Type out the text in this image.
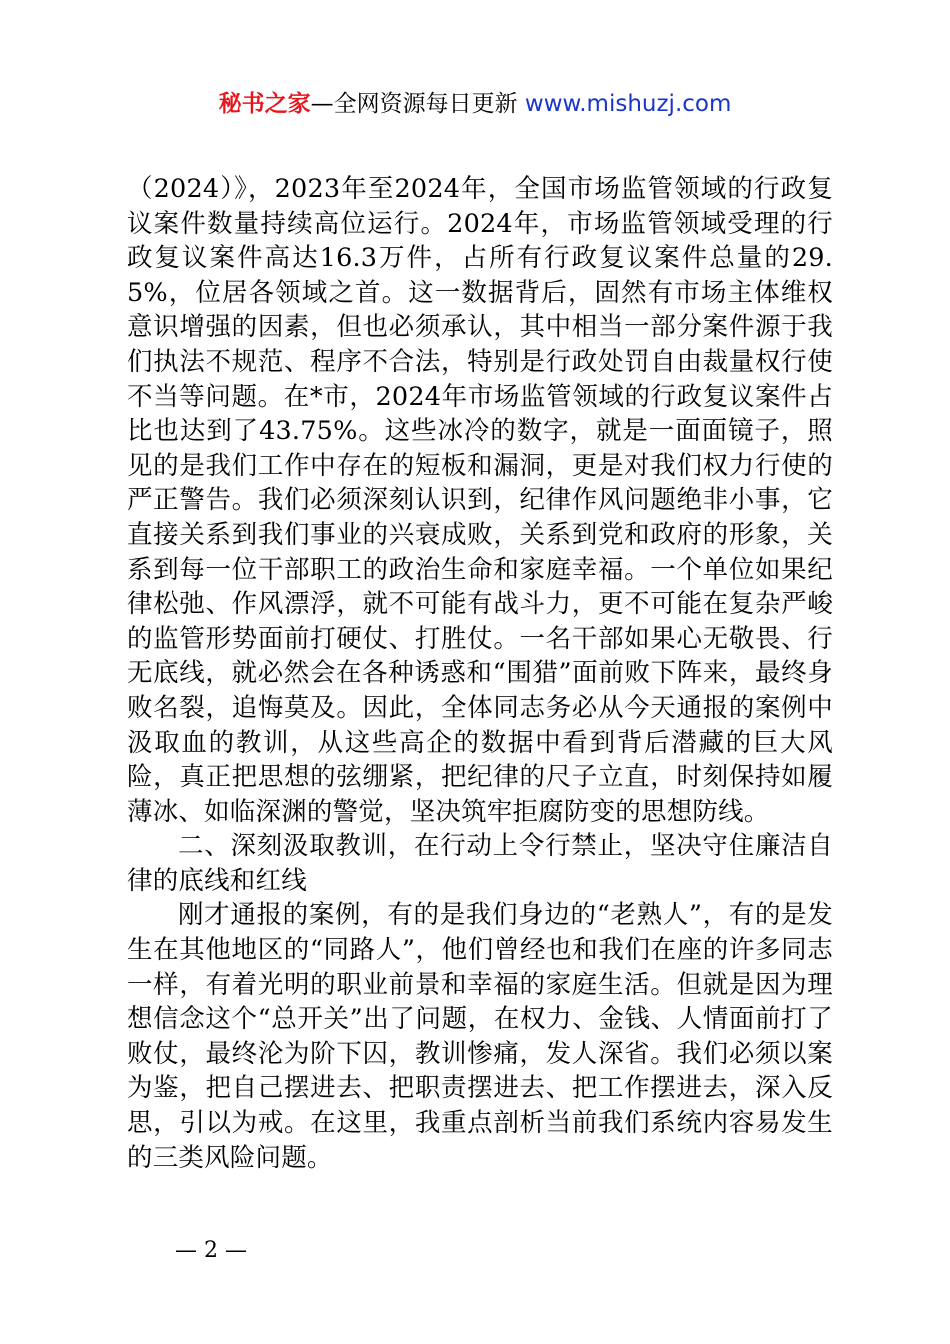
秘书之家—全网资源每日更新 www.mishuzj.com

（2024）》，2023年至2024年，全国市场监管领域的行政复议案件数量持续高位运行。2024年，市场监管领域受理的行政复议案件高达16.3万件，占所有行政复议案件总量的29.5%，位居各领域之首。这一数据背后，固然有市场主体维权意识增强的因素，但也必须承认，其中相当一部分案件源于我们执法不规范、程序不合法，特别是行政处罚自由裁量权行使不当等问题。在*市，2024年市场监管领域的行政复议案件占比也达到了43.75%。这些冰冷的数字，就是一面面镜子，照见的是我们工作中存在的短板和漏洞，更是对我们权力行使的严正警告。我们必须深刻认识到，纪律作风问题绝非小事，它直接关系到我们事业的兴衰成败，关系到党和政府的形象，关系到每一位干部职工的政治生命和家庭幸福。一个单位如果纪律松弛、作风漂浮，就不可能有战斗力，更不可能在复杂严峻的监管形势面前打硬仗、打胜仗。一名干部如果心无敬畏、行无底线，就必然会在各种诱惑和“围猎”面前败下阵来，最终身败名裂，追悔莫及。因此，全体同志务必从今天通报的案例中汲取血的教训，从这些高企的数据中看到背后潜藏的巨大风险，真正把思想的弦绷紧，把纪律的尺子立直，时刻保持如履薄冰、如临深渊的警觉，坚决筑牢拒腐防变的思想防线。

二、深刻汲取教训，在行动上令行禁止，坚决守住廉洁自律的底线和红线

刚才通报的案例，有的是我们身边的“老熟人”，有的是发生在其他地区的“同路人”，他们曾经也和我们在座的许多同志一样，有着光明的职业前景和幸福的家庭生活。但就是因为理想信念这个“总开关”出了问题，在权力、金钱、人情面前打了败仗，最终沦为阶下囚，教训惨痛，发人深省。我们必须以案为鉴，把自己摆进去、把职责摆进去、把工作摆进去，深入反思，引以为戒。在这里，我重点剖析当前我们系统内容易发生的三类风险问题。

— 2 —
